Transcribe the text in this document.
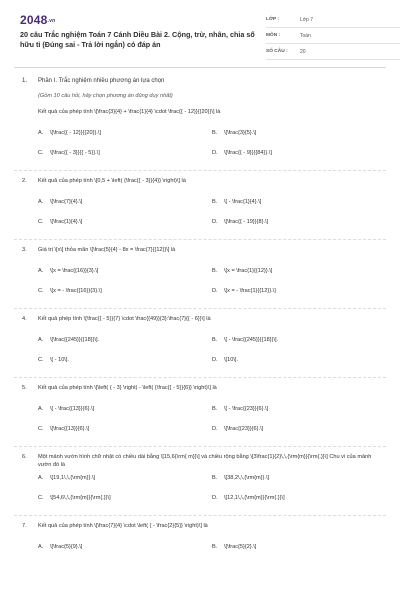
2048.vn
20 câu Trắc nghiệm Toán 7 Cánh Diều Bài 2. Cộng, trừ, nhân, chia số hữu tỉ (Đúng sai - Trả lời ngắn) có đáp án
LỚP :	Lớp 7
MÔN :	Toán
SỐ CÂU :	20
1. Phần I. Trắc nghiệm nhiều phương án lựa chọn
(Gồm 10 câu hỏi, hãy chọn phương án đúng duy nhất)
Kết quả của phép tính \[\frac{3}{4} + \frac{1}{4} \cdot \frac{{ - 12}}{{20}}\] là
A. \[\frac{{ - 12}}{{20}}.\]	B. \[\frac{3}{5}.\]
C. \[\frac{{ - 3}}{{ - 5}}.\]	D. \[\frac{{ - 9}}{{84}}.\]
2. Kết quả của phép tính \[0,5 + \left( {\frac{{ - 3}}{4}} \right)\] là
A. \[\frac{7}{4}.\]	B. \[ - \frac{1}{4}.\]
C. \[\frac{1}{4}.\]	D. \[\frac{{ - 19}}{8}.\]
3. Giá trị \[x\] thỏa mãn \[\frac{5}{4} - 8x = \frac{7}{{12}}\] là
A. \[x = \frac{{16}}{3}.\]	B. \[x = \frac{1}{{12}}.\]
C. \[x = - \frac{{16}}{3}.\]	D. \[x = - \frac{1}{{12}}.\]
4. Kết quả phép tính \[\frac{{ - 5}}{7} \cdot \frac{{49}}{3}:\frac{7}{{ - 6}}\] là
A. \[\frac{{245}}{{18}}\].	B. \[ - \frac{{245}}{{18}}\].
C. \[ - 10\].	D. \[10\].
5. Kết quả của phép tính \[\left( { - 3} \right) - \left( {\frac{{ - 5}}{6}} \right)\] là
A. \[ - \frac{{13}}{6}.\]	B. \[ - \frac{{23}}{6}.\]
C. \[\frac{{13}}{6}.\]	D. \[\frac{{23}}{6}.\]
6. Một mảnh vườn hình chữ nhật có chiều dài bằng \[15,6{\rm{ m}}\] và chiều rộng bằng \[3\frac{1}{2}\,\,{\rm{m}}{\rm{.}}\] Chu vi của mảnh vườn đó là
A. \[19,1\,\,{\rm{m}}.\]	B. \[38,2\,\,{\rm{m}}.\]
C. \[54,6\,\,{\rm{m}}{\rm{.}}\]	D. \[12,1\,\,{\rm{m}}{\rm{.}}\]
7. Kết quả của phép tính \[\frac{7}{4} \cdot \left( { - \frac{2}{5}} \right)\] là
A. \[\frac{5}{9}.\]	B. \[\frac{5}{2}.\]
